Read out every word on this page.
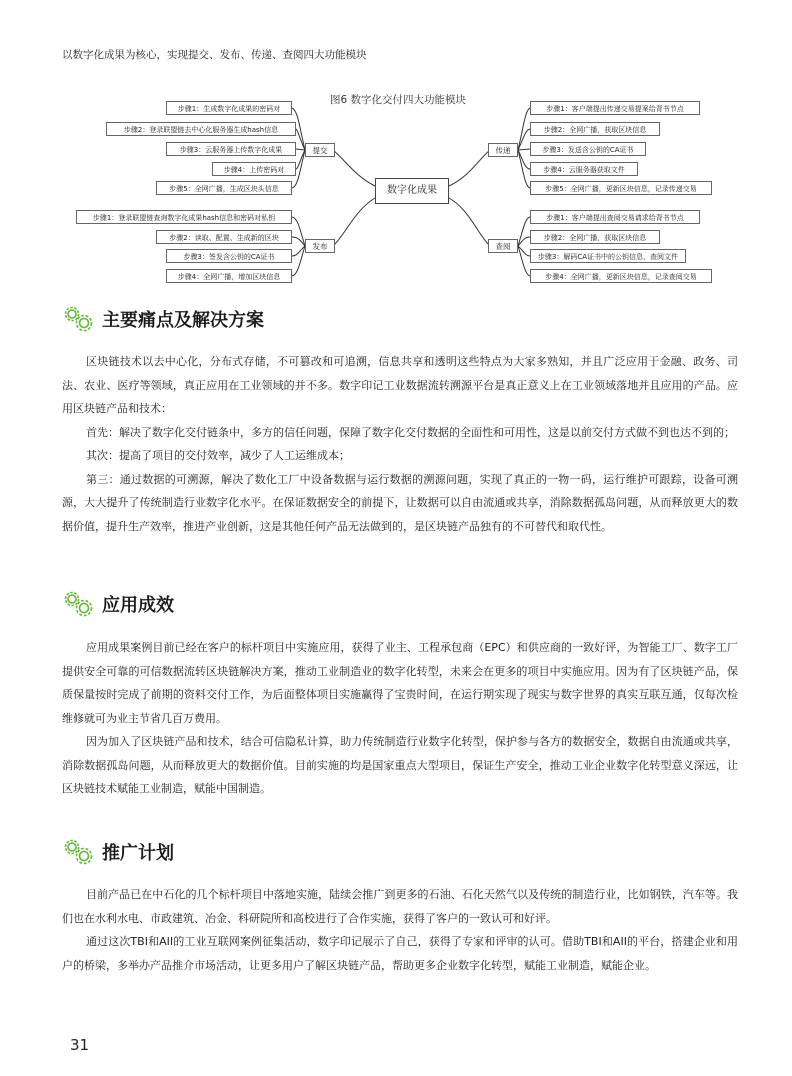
以数字化成果为核心，实现提交、发布、传递、查阅四大功能模块

图6 数字化交付四大功能模块
数字化成果
提交
发布
传递
查阅
步骤1：生成数字化成果的密码对
步骤2：登录联盟链去中心化服务器生成hash信息
步骤3：云服务器上传数字化成果
步骤4：上传密码对
步骤5：全网广播，生成区块头信息
步骤1：登录联盟链查询数字化成果hash信息和密码对私钥
步骤2：读取、配置、生成新的区块
步骤3：签发含公钥的CA证书
步骤4：全网广播，增加区块信息
步骤1：客户端提出传递交易提案给背书节点
步骤2：全网广播，获取区块信息
步骤3：发送含公钥的CA证书
步骤4：云服务器获取文件
步骤5：全网广播，更新区块信息，记录传递交易
步骤1：客户端提出查阅交易请求给背书节点
步骤2：全网广播，获取区块信息
步骤3：解码CA证书中的公钥信息，查阅文件
步骤4：全网广播，更新区块信息，记录查阅交易
主要痛点及解决方案

区块链技术以去中心化，分布式存储，不可篡改和可追溯，信息共享和透明这些特点为大家多熟知，并且广泛应用于金融、政务、司法、农业、医疗等领域，真正应用在工业领域的并不多。数字印记工业数据流转溯源平台是真正意义上在工业领域落地并且应用的产品。应用区块链产品和技术：

首先：解决了数字化交付链条中，多方的信任问题，保障了数字化交付数据的全面性和可用性，这是以前交付方式做不到也达不到的；

其次：提高了项目的交付效率，减少了人工运维成本；

第三：通过数据的可溯源，解决了数化工厂中设备数据与运行数据的溯源问题，实现了真正的一物一码，运行维护可跟踪，设备可溯源，大大提升了传统制造行业数字化水平。在保证数据安全的前提下，让数据可以自由流通或共享，消除数据孤岛问题，从而释放更大的数据价值，提升生产效率，推进产业创新，这是其他任何产品无法做到的，是区块链产品独有的不可替代和取代性。

应用成效

应用成果案例目前已经在客户的标杆项目中实施应用，获得了业主、工程承包商（EPC）和供应商的一致好评，为智能工厂、数字工厂提供安全可靠的可信数据流转区块链解决方案，推动工业制造业的数字化转型，未来会在更多的项目中实施应用。因为有了区块链产品，保质保量按时完成了前期的资料交付工作，为后面整体项目实施赢得了宝贵时间，在运行期实现了现实与数字世界的真实互联互通，仅每次检维修就可为业主节省几百万费用。

因为加入了区块链产品和技术，结合可信隐私计算，助力传统制造行业数字化转型，保护参与各方的数据安全，数据自由流通或共享，消除数据孤岛问题，从而释放更大的数据价值。目前实施的均是国家重点大型项目，保证生产安全，推动工业企业数字化转型意义深远，让区块链技术赋能工业制造，赋能中国制造。

推广计划

目前产品已在中石化的几个标杆项目中落地实施，陆续会推广到更多的石油、石化天然气以及传统的制造行业，比如钢铁，汽车等。我们也在水利水电、市政建筑、冶金、科研院所和高校进行了合作实施，获得了客户的一致认可和好评。

通过这次TBI和AII的工业互联网案例征集活动，数字印记展示了自己，获得了专家和评审的认可。借助TBI和AII的平台，搭建企业和用户的桥梁，多举办产品推介市场活动，让更多用户了解区块链产品，帮助更多企业数字化转型，赋能工业制造，赋能企业。

31
